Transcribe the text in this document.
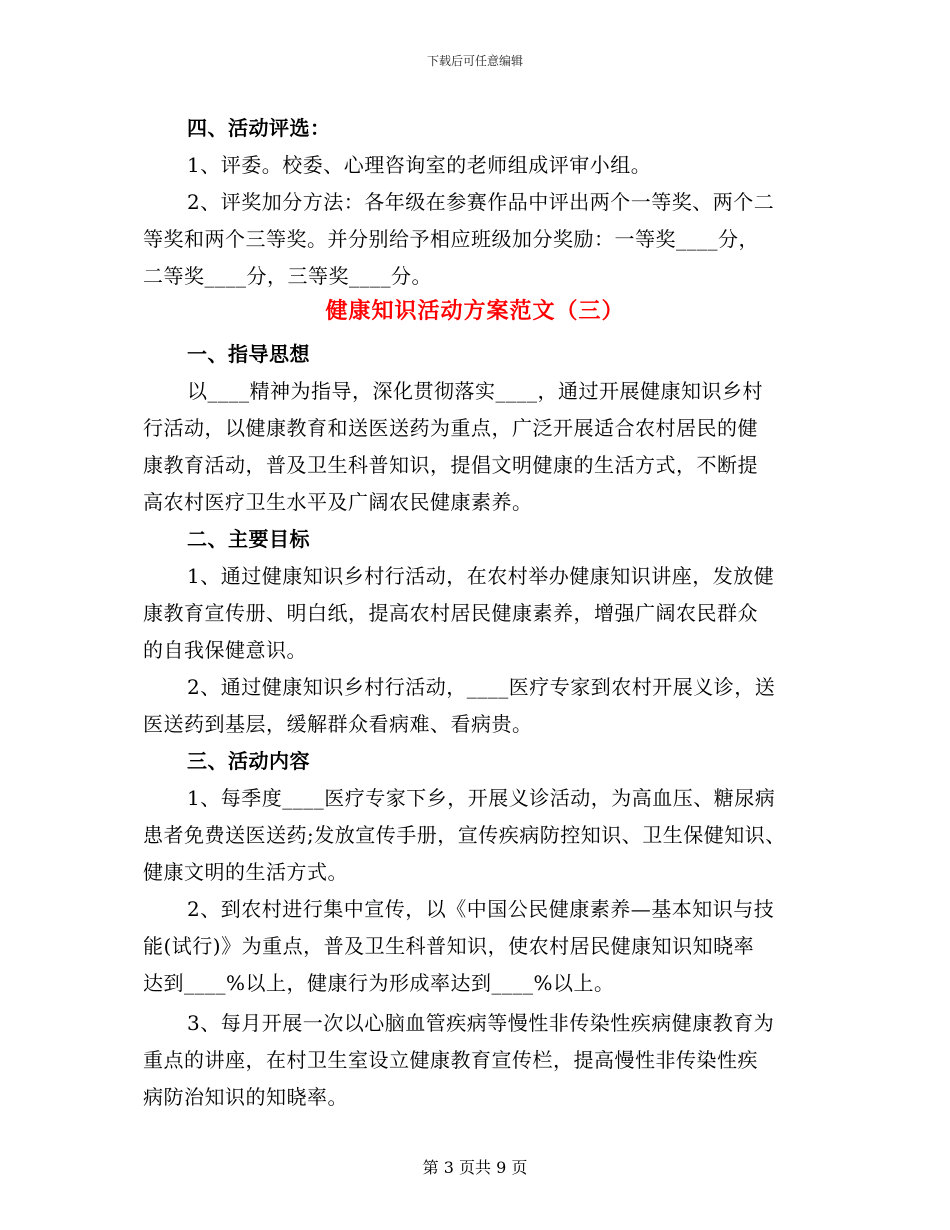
下载后可任意编辑
四、活动评选：
1、评委。校委、心理咨询室的老师组成评审小组。
2、评奖加分方法：各年级在参赛作品中评出两个一等奖、两个二
等奖和两个三等奖。并分别给予相应班级加分奖励：一等奖____分，
二等奖____分，三等奖____分。
健康知识活动方案范文（三）
一、指导思想
以____精神为指导，深化贯彻落实____，通过开展健康知识乡村
行活动，以健康教育和送医送药为重点，广泛开展适合农村居民的健
康教育活动，普及卫生科普知识，提倡文明健康的生活方式，不断提
高农村医疗卫生水平及广阔农民健康素养。
二、主要目标
1、通过健康知识乡村行活动，在农村举办健康知识讲座，发放健
康教育宣传册、明白纸，提高农村居民健康素养，增强广阔农民群众
的自我保健意识。
2、通过健康知识乡村行活动，____医疗专家到农村开展义诊，送
医送药到基层，缓解群众看病难、看病贵。
三、活动内容
1、每季度____医疗专家下乡，开展义诊活动，为高血压、糖尿病
患者免费送医送药;发放宣传手册，宣传疾病防控知识、卫生保健知识、
健康文明的生活方式。
2、到农村进行集中宣传，以《中国公民健康素养—基本知识与技
能(试行)》为重点，普及卫生科普知识，使农村居民健康知识知晓率
达到____%以上，健康行为形成率达到____%以上。
3、每月开展一次以心脑血管疾病等慢性非传染性疾病健康教育为
重点的讲座，在村卫生室设立健康教育宣传栏，提高慢性非传染性疾
病防治知识的知晓率。
第 3 页共 9 页
